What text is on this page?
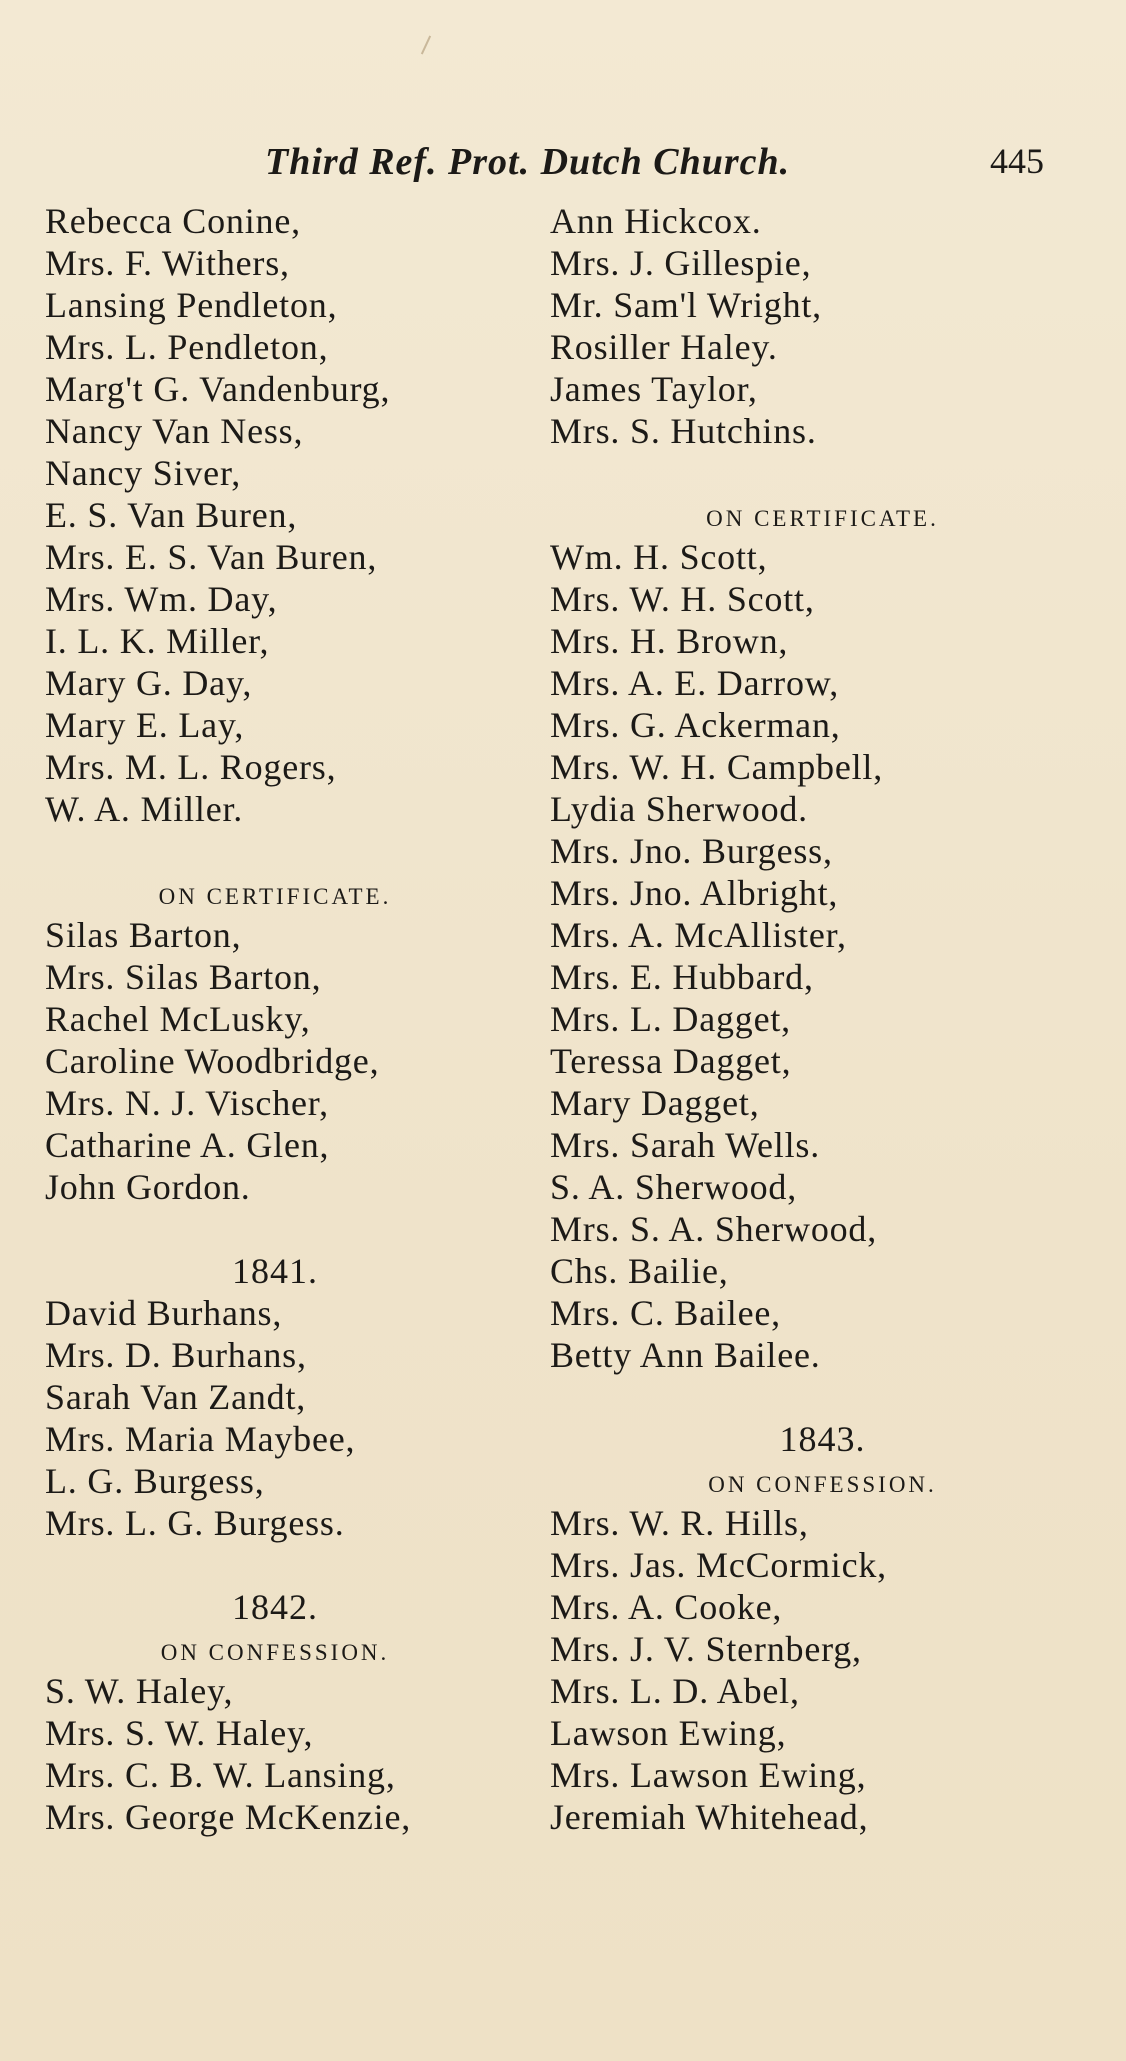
Third Ref. Prot. Dutch Church.	445
Rebecca Conine,
Mrs. F. Withers,
Lansing Pendleton,
Mrs. L. Pendleton,
Marg't G. Vandenburg,
Nancy Van Ness,
Nancy Siver,
E. S. Van Buren,
Mrs. E. S. Van Buren,
Mrs. Wm. Day,
I. L. K. Miller,
Mary G. Day,
Mary E. Lay,
Mrs. M. L. Rogers,
W. A. Miller.
ON CERTIFICATE.
Silas Barton,
Mrs. Silas Barton,
Rachel McLusky,
Caroline Woodbridge,
Mrs. N. J. Vischer,
Catharine A. Glen,
John Gordon.
1841.
David Burhans,
Mrs. D. Burhans,
Sarah Van Zandt,
Mrs. Maria Maybee,
L. G. Burgess,
Mrs. L. G. Burgess.
1842.
ON CONFESSION.
S. W. Haley,
Mrs. S. W. Haley,
Mrs. C. B. W. Lansing,
Mrs. George McKenzie,
Ann Hickcox.
Mrs. J. Gillespie,
Mr. Sam'l Wright,
Rosiller Haley.
James Taylor,
Mrs. S. Hutchins.
ON CERTIFICATE.
Wm. H. Scott,
Mrs. W. H. Scott,
Mrs. H. Brown,
Mrs. A. E. Darrow,
Mrs. G. Ackerman,
Mrs. W. H. Campbell,
Lydia Sherwood.
Mrs. Jno. Burgess,
Mrs. Jno. Albright,
Mrs. A. McAllister,
Mrs. E. Hubbard,
Mrs. L. Dagget,
Teressa Dagget,
Mary Dagget,
Mrs. Sarah Wells.
S. A. Sherwood,
Mrs. S. A. Sherwood,
Chs. Bailie,
Mrs. C. Bailee,
Betty Ann Bailee.
1843.
ON CONFESSION.
Mrs. W. R. Hills,
Mrs. Jas. McCormick,
Mrs. A. Cooke,
Mrs. J. V. Sternberg,
Mrs. L. D. Abel,
Lawson Ewing,
Mrs. Lawson Ewing,
Jeremiah Whitehead,
